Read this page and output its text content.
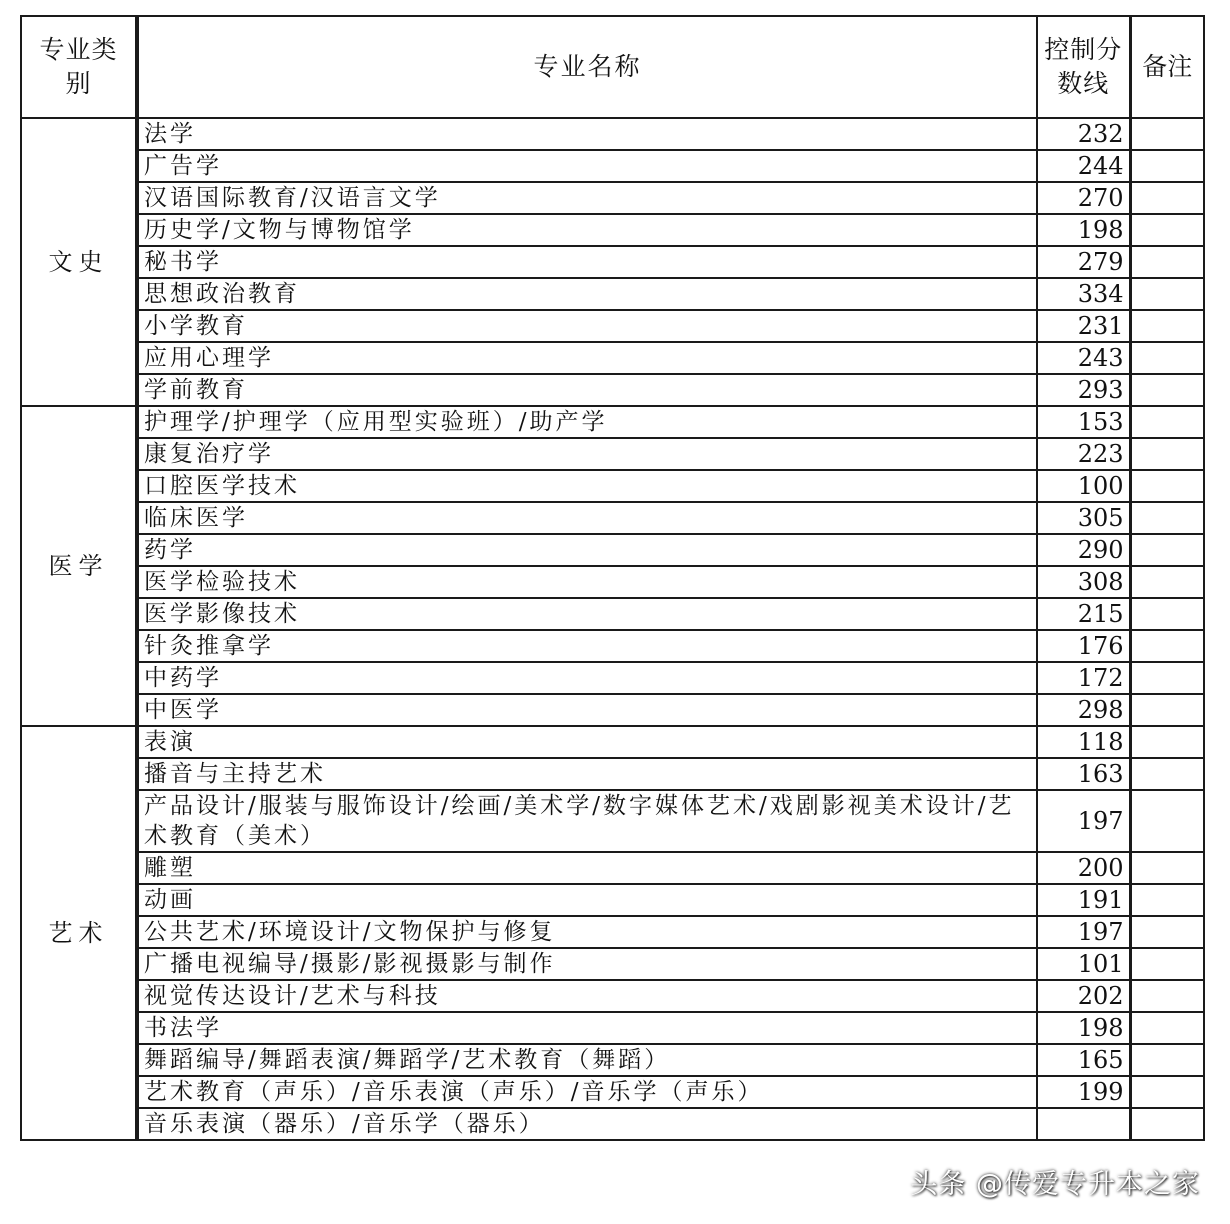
专业类别	专业名称	控制分数线	备注
文史	法学	232	
	广告学	244	
	汉语国际教育/汉语言文学	270	
	历史学/文物与博物馆学	198	
	秘书学	279	
	思想政治教育	334	
	小学教育	231	
	应用心理学	243	
	学前教育	293	
医学	护理学/护理学（应用型实验班）/助产学	153	
	康复治疗学	223	
	口腔医学技术	100	
	临床医学	305	
	药学	290	
	医学检验技术	308	
	医学影像技术	215	
	针灸推拿学	176	
	中药学	172	
	中医学	298	
艺术	表演	118	
	播音与主持艺术	163	
	产品设计/服装与服饰设计/绘画/美术学/数字媒体艺术/戏剧影视美术设计/艺术教育（美术）	197	
	雕塑	200	
	动画	191	
	公共艺术/环境设计/文物保护与修复	197	
	广播电视编导/摄影/影视摄影与制作	101	
	视觉传达设计/艺术与科技	202	
	书法学	198	
	舞蹈编导/舞蹈表演/舞蹈学/艺术教育（舞蹈）	165	
	艺术教育（声乐）/音乐表演（声乐）/音乐学（声乐）	199	
	音乐表演（器乐）/音乐学（器乐）		
头条 @传爱专升本之家
